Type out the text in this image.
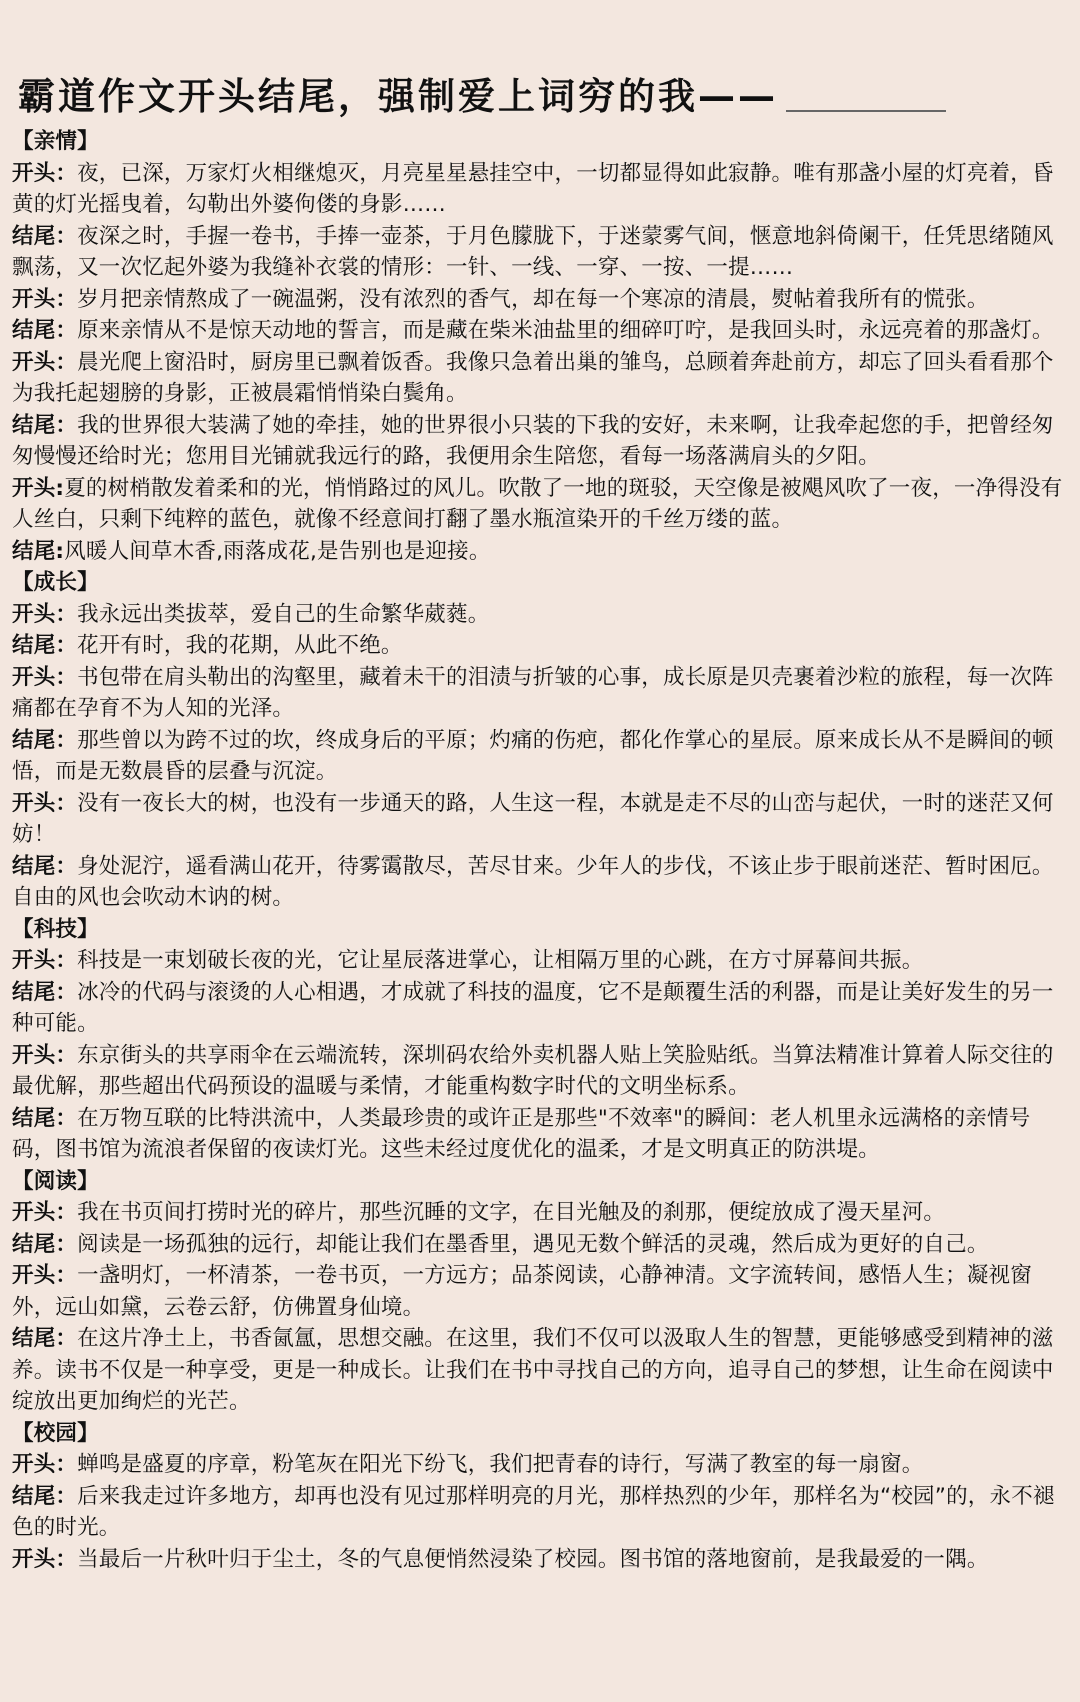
霸道作文开头结尾，强制爱上词穷的我——
【亲情】

开头：夜，已深，万家灯火相继熄灭，月亮星星悬挂空中，一切都显得如此寂静。唯有那盏小屋的灯亮着，昏黄的灯光摇曳着，勾勒出外婆佝偻的身影……

结尾：夜深之时，手握一卷书，手捧一壶茶，于月色朦胧下，于迷蒙雾气间，惬意地斜倚阑干，任凭思绪随风飘荡，又一次忆起外婆为我缝补衣裳的情形：一针、一线、一穿、一按、一提……

开头：岁月把亲情熬成了一碗温粥，没有浓烈的香气，却在每一个寒凉的清晨，熨帖着我所有的慌张。

结尾：原来亲情从不是惊天动地的誓言，而是藏在柴米油盐里的细碎叮咛，是我回头时，永远亮着的那盏灯。

开头：晨光爬上窗沿时，厨房里已飘着饭香。我像只急着出巢的雏鸟，总顾着奔赴前方，却忘了回头看看那个为我托起翅膀的身影，正被晨霜悄悄染白鬓角。

结尾：我的世界很大装满了她的牵挂，她的世界很小只装的下我的安好，未来啊，让我牵起您的手，把曾经匆匆慢慢还给时光；您用目光铺就我远行的路，我便用余生陪您，看每一场落满肩头的夕阳。

开头:夏的树梢散发着柔和的光，悄悄路过的风儿。吹散了一地的斑驳，天空像是被飓风吹了一夜，一净得没有人丝白，只剩下纯粹的蓝色，就像不经意间打翻了墨水瓶渲染开的千丝万缕的蓝。

结尾:风暖人间草木香,雨落成花,是告别也是迎接。

【成长】

开头：我永远出类拔萃，爱自己的生命繁华葳蕤。

结尾：花开有时，我的花期，从此不绝。

开头：书包带在肩头勒出的沟壑里，藏着未干的泪渍与折皱的心事，成长原是贝壳裹着沙粒的旅程，每一次阵痛都在孕育不为人知的光泽。

结尾：那些曾以为跨不过的坎，终成身后的平原；灼痛的伤疤，都化作掌心的星辰。原来成长从不是瞬间的顿悟，而是无数晨昏的层叠与沉淀。

开头：没有一夜长大的树，也没有一步通天的路，人生这一程，本就是走不尽的山峦与起伏，一时的迷茫又何妨！

结尾：身处泥泞，遥看满山花开，待雾霭散尽，苦尽甘来。少年人的步伐，不该止步于眼前迷茫、暂时困厄。自由的风也会吹动木讷的树。

【科技】

开头：科技是一束划破长夜的光，它让星辰落进掌心，让相隔万里的心跳，在方寸屏幕间共振。

结尾：冰冷的代码与滚烫的人心相遇，才成就了科技的温度，它不是颠覆生活的利器，而是让美好发生的另一种可能。

开头：东京街头的共享雨伞在云端流转，深圳码农给外卖机器人贴上笑脸贴纸。当算法精准计算着人际交往的最优解，那些超出代码预设的温暖与柔情，才能重构数字时代的文明坐标系。

结尾：在万物互联的比特洪流中，人类最珍贵的或许正是那些"不效率"的瞬间：老人机里永远满格的亲情号码，图书馆为流浪者保留的夜读灯光。这些未经过度优化的温柔，才是文明真正的防洪堤。

【阅读】

开头：我在书页间打捞时光的碎片，那些沉睡的文字，在目光触及的刹那，便绽放成了漫天星河。

结尾：阅读是一场孤独的远行，却能让我们在墨香里，遇见无数个鲜活的灵魂，然后成为更好的自己。

开头：一盏明灯，一杯清茶，一卷书页，一方远方；品茶阅读，心静神清。文字流转间，感悟人生；凝视窗外，远山如黛，云卷云舒，仿佛置身仙境。

结尾：在这片净土上，书香氤氲，思想交融。在这里，我们不仅可以汲取人生的智慧，更能够感受到精神的滋养。读书不仅是一种享受，更是一种成长。让我们在书中寻找自己的方向，追寻自己的梦想，让生命在阅读中绽放出更加绚烂的光芒。

【校园】

开头：蝉鸣是盛夏的序章，粉笔灰在阳光下纷飞，我们把青春的诗行，写满了教室的每一扇窗。

结尾：后来我走过许多地方，却再也没有见过那样明亮的月光，那样热烈的少年，那样名为“校园”的，永不褪色的时光。

开头：当最后一片秋叶归于尘土，冬的气息便悄然浸染了校园。图书馆的落地窗前，是我最爱的一隅。
